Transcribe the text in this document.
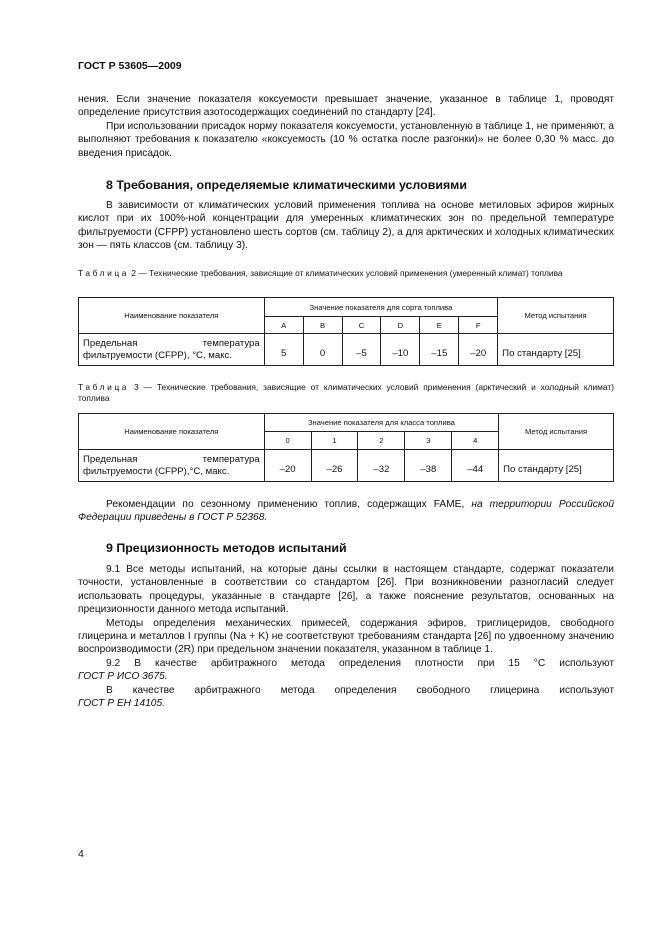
ГОСТ Р 53605—2009

нения. Если значение показателя коксуемости превышает значение, указанное в таблице 1, проводят определение присутствия азотосодержащих соединений по стандарту [24].

При использовании присадок норму показателя коксуемости, установленную в таблице 1, не применяют, а выполняют требования к показателю «коксуемость (10 % остатка после разгонки)» не более 0,30 % масс. до введения присадок.

8 Требования, определяемые климатическими условиями

В зависимости от климатических условий применения топлива на основе метиловых эфиров жирных кислот при их 100%-ной концентрации для умеренных климатических зон по предельной температуре фильтруемости (CFPP) установлено шесть сортов (см. таблицу 2), а для арктических и холодных климатических зон — пять классов (см. таблицу 3).

Таблица 2 — Технические требования, зависящие от климатических условий применения (умеренный климат) топлива
Наименование показателя	Значение показателя для сорта топлива						Метод испытания
	A	B	C	D	E	F	
Предельная температура фильтруемости (CFPP), °С, макс.	5	0	–5	–10	–15	–20	По стандарту [25]
Таблица 3 — Технические требования, зависящие от климатических условий применения (арктический и холодный климат) топлива
Наименование показателя	Значение показателя для класса топлива					Метод испытания
	0	1	2	3	4	
Предельная температура фильтруемости (CFPP),°С, макс.	–20	–26	–32	–38	–44	По стандарту [25]

Рекомендации по сезонному применению топлив, содержащих FAME, на территории Российской Федерации приведены в ГОСТ Р 52368.

9 Прецизионность методов испытаний

9.1 Все методы испытаний, на которые даны ссылки в настоящем стандарте, содержат показатели точности, установленные в соответствии со стандартом [26]. При возникновении разногласий следует использовать процедуры, указанные в стандарте [26], а также пояснение результатов, основанных на прецизионности данного метода испытаний.

Методы определения механических примесей, содержания эфиров, триглицеридов, свободного глицерина и металлов I группы (Na + K) не соответствуют требованиям стандарта [26] по удвоенному значению воспроизводимости (2R) при предельном значении показателя, указанном в таблице 1.

9.2 В качестве арбитражного метода определения плотности при 15 °С используют

ГОСТ Р ИСО 3675.

В качестве арбитражного метода определения свободного глицерина используют

ГОСТ Р ЕН 14105.

4
